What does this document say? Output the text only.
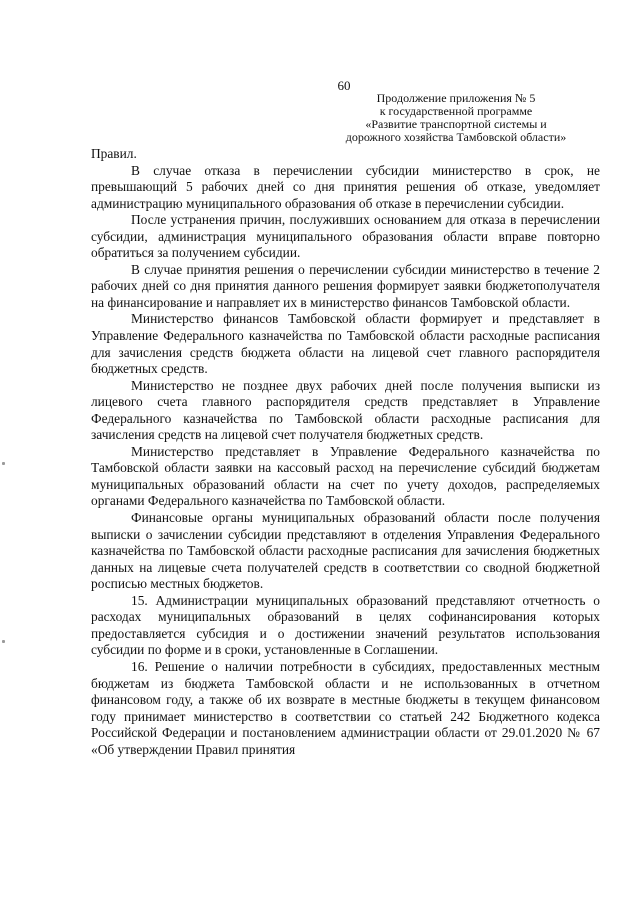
60
Продолжение приложения № 5
к государственной программе
«Развитие транспортной системы и
дорожного хозяйства Тамбовской области»

Правил.

В случае отказа в перечислении субсидии министерство в срок, не превышающий 5 рабочих дней со дня принятия решения об отказе, уведомляет администрацию муниципального образования об отказе в перечислении субсидии.

После устранения причин, послуживших основанием для отказа в перечислении субсидии, администрация муниципального образования области вправе повторно обратиться за получением субсидии.

В случае принятия решения о перечислении субсидии министерство в течение 2 рабочих дней со дня принятия данного решения формирует заявки бюджетополучателя на финансирование и направляет их в министерство финансов Тамбовской области.

Министерство финансов Тамбовской области формирует и представляет в Управление Федерального казначейства по Тамбовской области расходные расписания для зачисления средств бюджета области на лицевой счет главного распорядителя бюджетных средств.

Министерство не позднее двух рабочих дней после получения выписки из лицевого счета главного распорядителя средств представляет в Управление Федерального казначейства по Тамбовской области расходные расписания для зачисления средств на лицевой счет получателя бюджетных средств.

Министерство представляет в Управление Федерального казначейства по Тамбовской области заявки на кассовый расход на перечисление субсидий бюджетам муниципальных образований области на счет по учету доходов, распределяемых органами Федерального казначейства по Тамбовской области.

Финансовые органы муниципальных образований области после получения выписки о зачислении субсидии представляют в отделения Управления Федерального казначейства по Тамбовской области расходные расписания для зачисления бюджетных данных на лицевые счета получателей средств в соответствии со сводной бюджетной росписью местных бюджетов.

15. Администрации муниципальных образований представляют отчетность о расходах муниципальных образований в целях софинансирования которых предоставляется субсидия и о достижении значений результатов использования субсидии по форме и в сроки, установленные в Соглашении.

16. Решение о наличии потребности в субсидиях, предоставленных местным бюджетам из бюджета Тамбовской области и не использованных в отчетном финансовом году, а также об их возврате в местные бюджеты в текущем финансовом году принимает министерство в соответствии со статьей 242 Бюджетного кодекса Российской Федерации и постановлением администрации области от 29.01.2020 № 67 «Об утверждении Правил принятия
